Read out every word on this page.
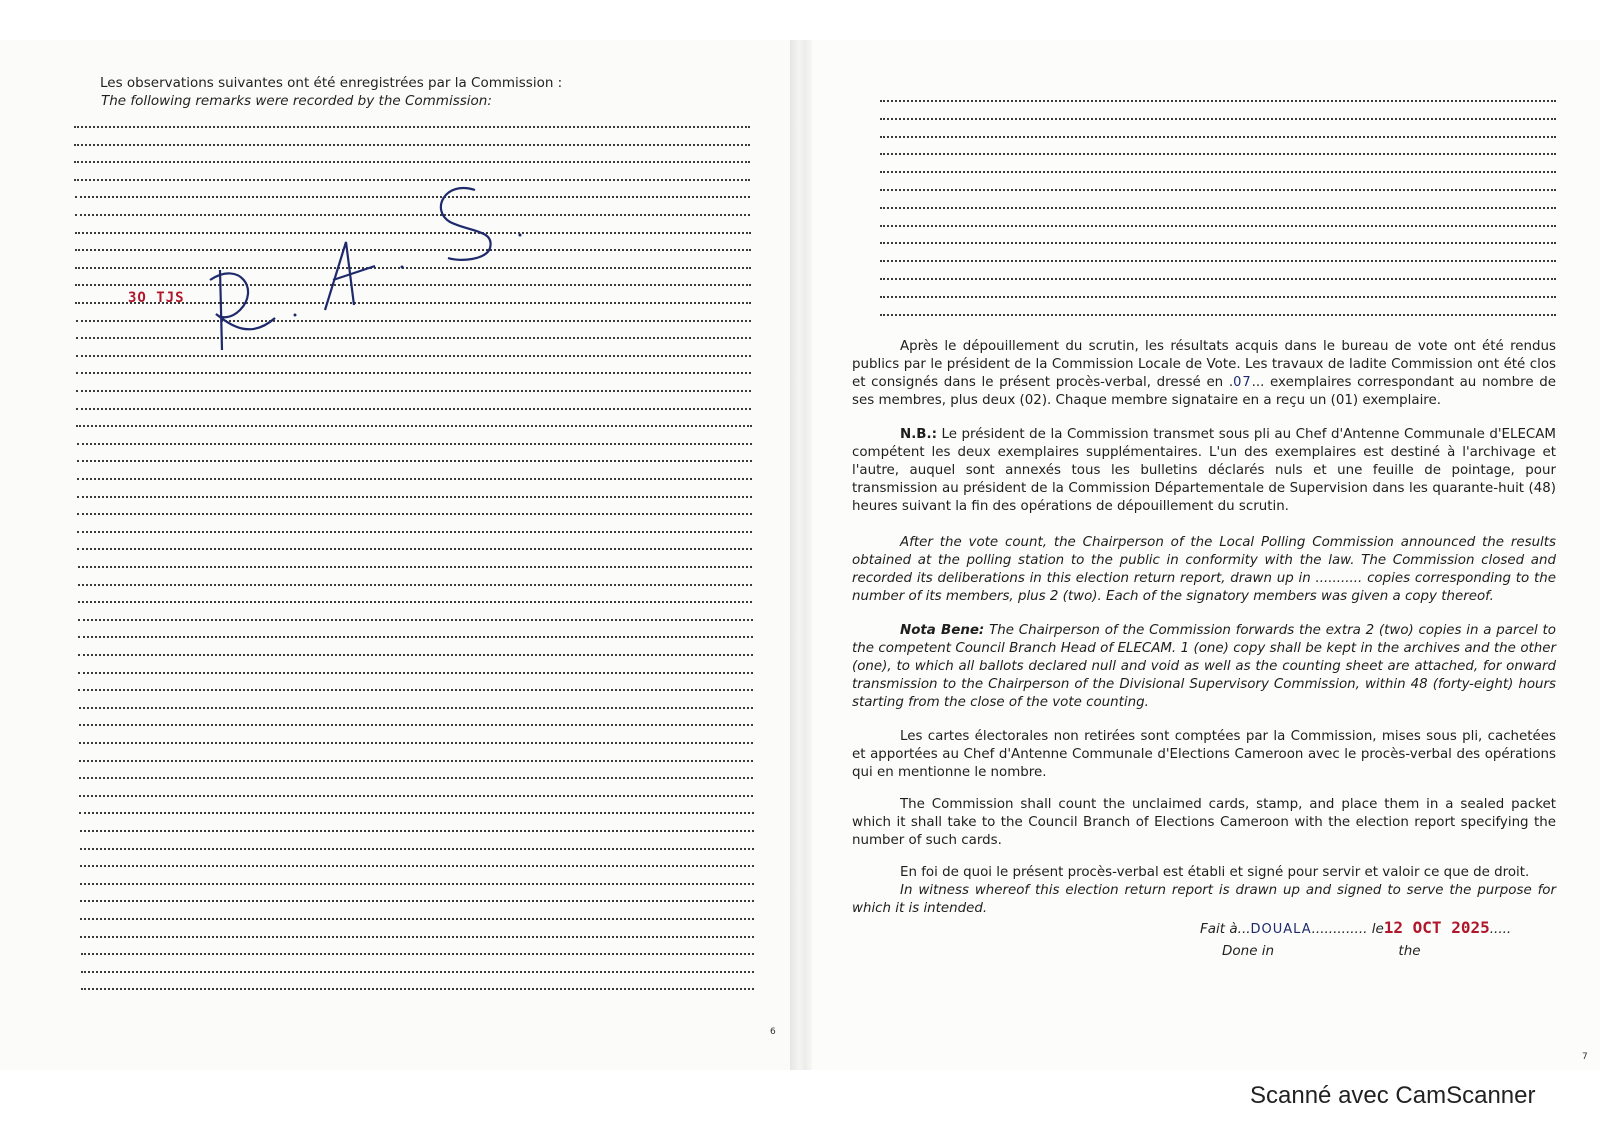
Les observations suivantes ont été enregistrées par la Commission :
The following remarks were recorded by the Commission:
3O TJS
6

Après le dépouillement du scrutin, les résultats acquis dans le bureau de vote ont été rendus publics par le président de la Commission Locale de Vote. Les travaux de ladite Commission ont été clos et consignés dans le présent procès-verbal, dressé en .07... exemplaires correspondant au nombre de ses membres, plus deux (02). Chaque membre signataire en a reçu un (01) exemplaire.

N.B.: Le président de la Commission transmet sous pli au Chef d'Antenne Communale d'ELECAM compétent les deux exemplaires supplémentaires. L'un des exemplaires est destiné à l'archivage et l'autre, auquel sont annexés tous les bulletins déclarés nuls et une feuille de pointage, pour transmission au président de la Commission Départementale de Supervision dans les quarante-huit (48) heures suivant la fin des opérations de dépouillement du scrutin.

After the vote count, the Chairperson of the Local Polling Commission announced the results obtained at the polling station to the public in conformity with the law. The Commission closed and recorded its deliberations in this election return report, drawn up in ........... copies corresponding to the number of its members, plus 2 (two). Each of the signatory members was given a copy thereof.

Nota Bene: The Chairperson of the Commission forwards the extra 2 (two) copies in a parcel to the competent Council Branch Head of ELECAM. 1 (one) copy shall be kept in the archives and the other (one), to which all ballots declared null and void as well as the counting sheet are attached, for onward transmission to the Chairperson of the Divisional Supervisory Commission, within 48 (forty-eight) hours starting from the close of the vote counting.

Les cartes électorales non retirées sont comptées par la Commission, mises sous pli, cachetées et apportées au Chef d'Antenne Communale d'Elections Cameroon avec le procès-verbal des opérations qui en mentionne le nombre.

The Commission shall count the unclaimed cards, stamp, and place them in a sealed packet which it shall take to the Council Branch of Elections Cameroon with the election report specifying the number of such cards.

En foi de quoi le présent procès-verbal est établi et signé pour servir et valoir ce que de droit.

In witness whereof this election return report is drawn up and signed to serve the purpose for which it is intended.

Fait à...DOUALA............. le12 OCT 2025.....
Done in	the
7
Scanné avec CamScanner
